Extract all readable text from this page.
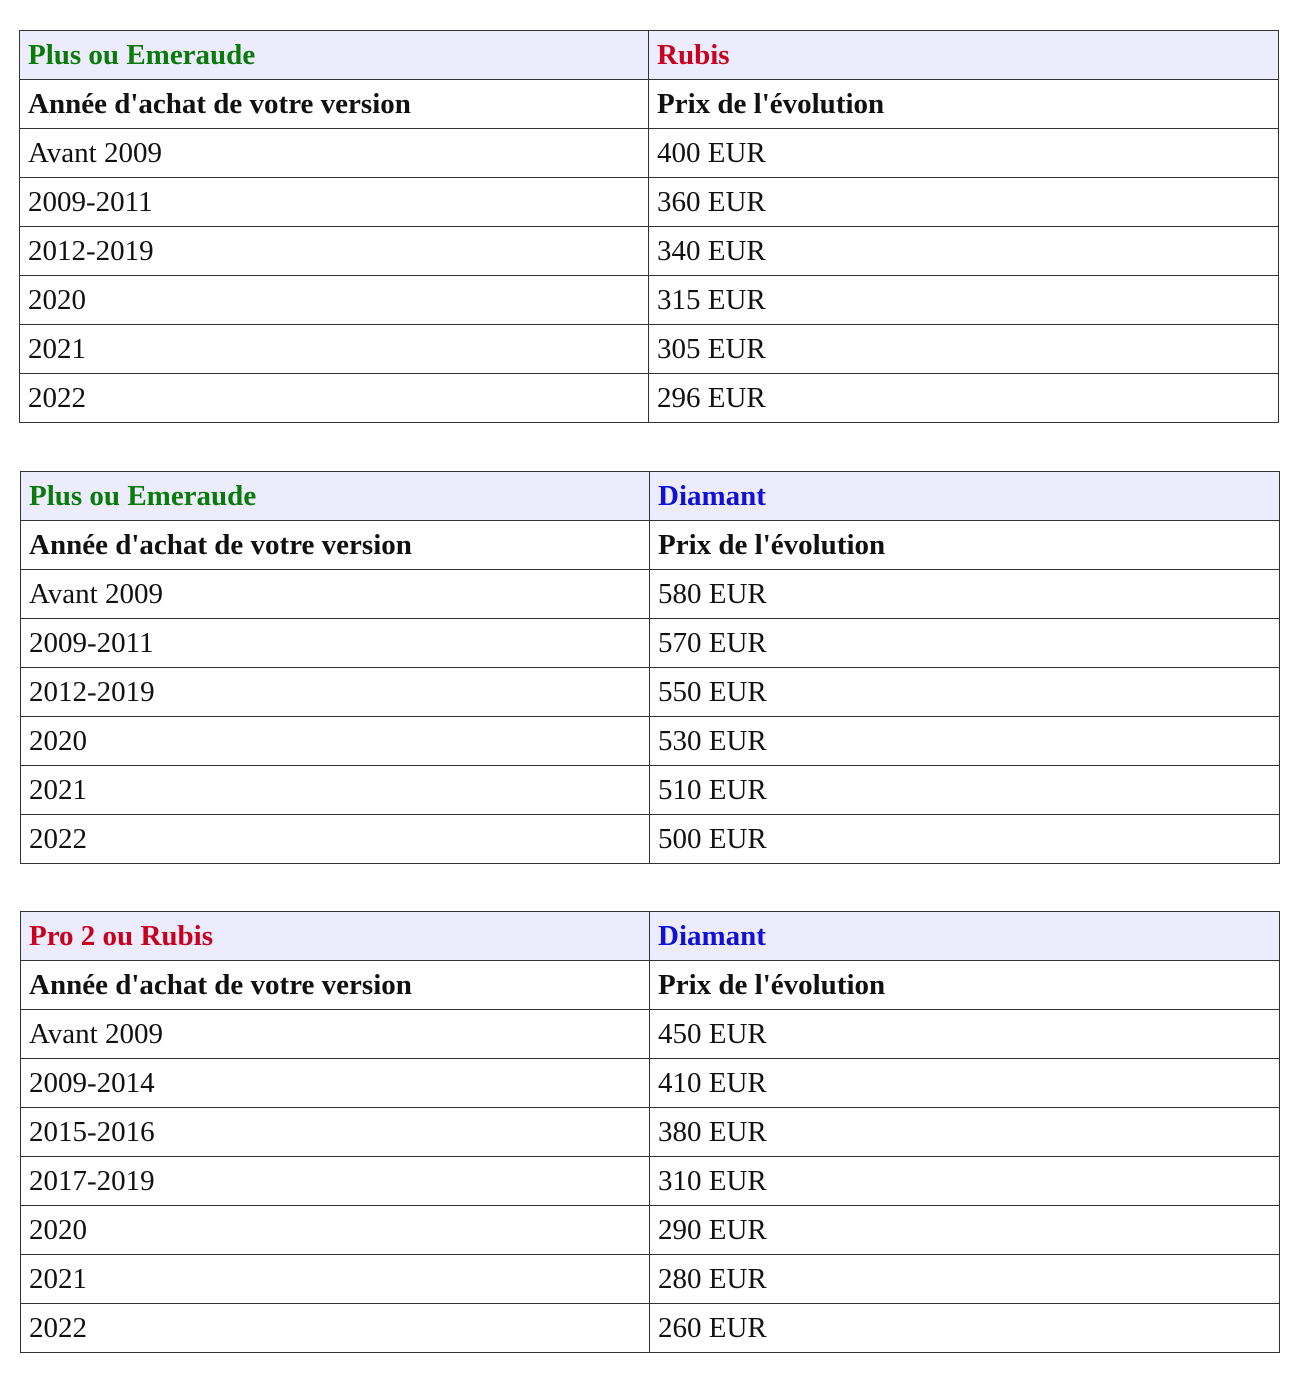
Plus ou Emeraude	Rubis
Année d'achat de votre version	Prix de l'évolution
Avant 2009	400 EUR
2009-2011	360 EUR
2012-2019	340 EUR
2020	315 EUR
2021	305 EUR
2022	296 EUR
Plus ou Emeraude	Diamant
Année d'achat de votre version	Prix de l'évolution
Avant 2009	580 EUR
2009-2011	570 EUR
2012-2019	550 EUR
2020	530 EUR
2021	510 EUR
2022	500 EUR
Pro 2 ou Rubis	Diamant
Année d'achat de votre version	Prix de l'évolution
Avant 2009	450 EUR
2009-2014	410 EUR
2015-2016	380 EUR
2017-2019	310 EUR
2020	290 EUR
2021	280 EUR
2022	260 EUR
